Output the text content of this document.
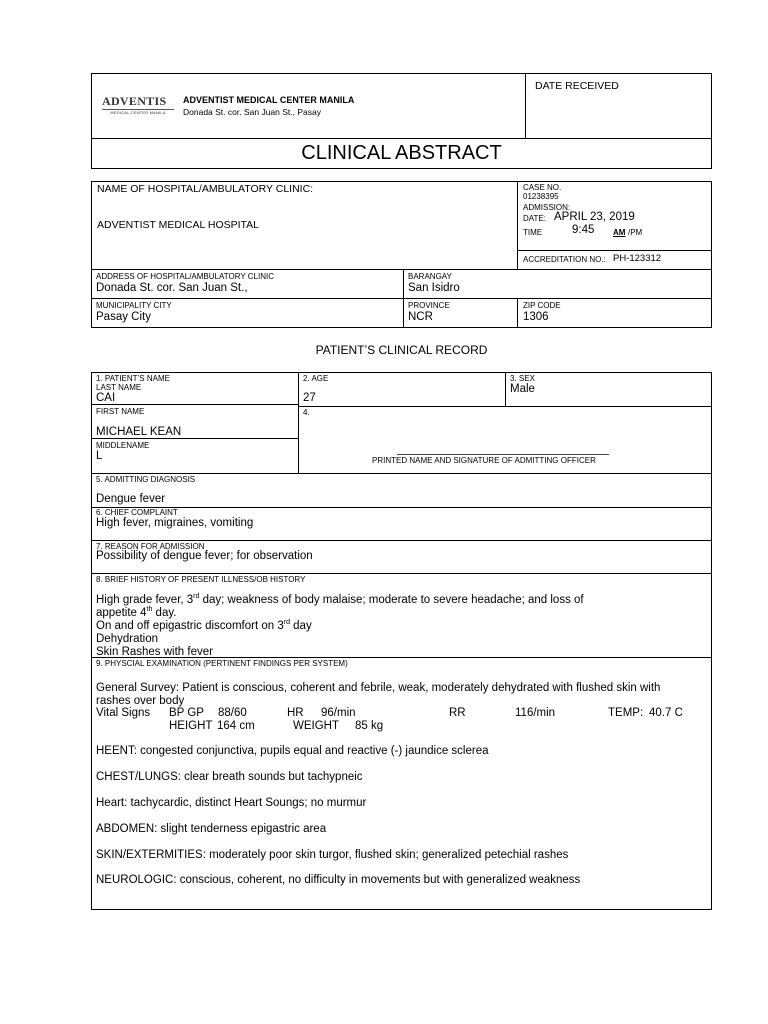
ADVENTIS
MEDICAL CENTER MANILA
ADVENTIST MEDICAL CENTER MANILA
Donada St. cor. San Juan St., Pasay
DATE RECEIVED
CLINICAL ABSTRACT
NAME OF HOSPITAL/AMBULATORY CLINIC:
ADVENTIST MEDICAL HOSPITAL
CASE NO.
01238395
ADMISSION:
DATE: APRIL 23, 2019
TIME	9:45 AM /PM
ACCREDITATION NO.: PH-123312
ADDRESS OF HOSPITAL/AMBULATORY CLINIC
Donada St. cor. San Juan St.,
BARANGAY
San Isidro
MUNICIPALITY CITY
Pasay City
PROVINCE
NCR
ZIP CODE
1306
PATIENT’S CLINICAL RECORD
1. PATIENT’S NAME
LAST NAME
CAI
2. AGE
27
3. SEX
Male
FIRST NAME
MICHAEL KEAN
4.
MIDDLENAME
L	PRINTED NAME AND SIGNATURE OF ADMITTING OFFICER
5. ADMITTING DIAGNOSIS
Dengue fever
6. CHIEF COMPLAINT
High fever, migraines, vomiting
7. REASON FOR ADMISSION
Possibility of dengue fever; for observation
8. BRIEF HISTORY OF PRESENT ILLNESS/OB HISTORY
High grade fever, 3rd day; weakness of body malaise; moderate to severe headache; and loss of
appetite 4th day.
On and off epigastric discomfort on 3rd day
Dehydration
Skin Rashes with fever
9. PHYSCIAL EXAMINATION (PERTINENT FINDINGS PER SYSTEM)
General Survey: Patient is conscious, coherent and febrile, weak, moderately dehydrated with flushed skin with rashes over body
Vital Signs BP GP 88/60	HR 96/min	RR	116/min	TEMP: 40.7 C
HEIGHT 164 cm	WEIGHT 85 kg
HEENT: congested conjunctiva, pupils equal and reactive (-) jaundice sclerea
CHEST/LUNGS: clear breath sounds but tachypneic
Heart: tachycardic, distinct Heart Soungs; no murmur
ABDOMEN: slight tenderness epigastric area
SKIN/EXTERMITIES: moderately poor skin turgor, flushed skin; generalized petechial rashes
NEUROLOGIC: conscious, coherent, no difficulty in movements but with generalized weakness
